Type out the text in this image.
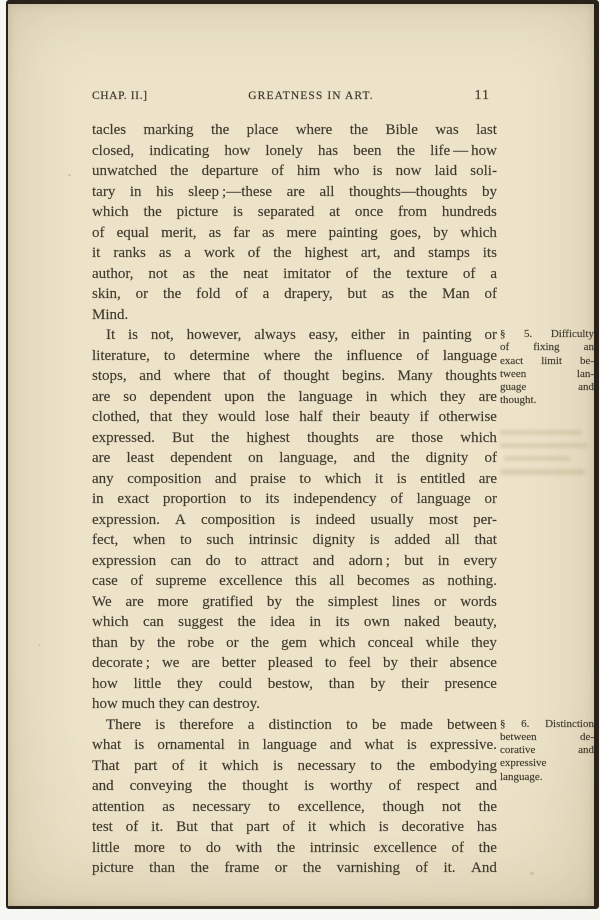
CHAP. II.]	GREATNESS IN ART.	11
tacles marking the place where the Bible was last
closed, indicating how lonely has been the life — how
unwatched the departure of him who is now laid soli-
tary in his sleep ;—these are all thoughts—thoughts by
which the picture is separated at once from hundreds
of equal merit, as far as mere painting goes, by which
it ranks as a work of the highest art, and stamps its
author, not as the neat imitator of the texture of a
skin, or the fold of a drapery, but as the Man of
Mind.
It is not, however, always easy, either in painting or
literature, to determine where the influence of language
stops, and where that of thought begins. Many thoughts
are so dependent upon the language in which they are
clothed, that they would lose half their beauty if otherwise
expressed. But the highest thoughts are those which
are least dependent on language, and the dignity of
any composition and praise to which it is entitled are
in exact proportion to its independency of language or
expression. A composition is indeed usually most per-
fect, when to such intrinsic dignity is added all that
expression can do to attract and adorn ; but in every
case of supreme excellence this all becomes as nothing.
We are more gratified by the simplest lines or words
which can suggest the idea in its own naked beauty,
than by the robe or the gem which conceal while they
decorate ; we are better pleased to feel by their absence
how little they could bestow, than by their presence
how much they can destroy.
There is therefore a distinction to be made between
what is ornamental in language and what is expressive.
That part of it which is necessary to the embodying
and conveying the thought is worthy of respect and
attention as necessary to excellence, though not the
test of it. But that part of it which is decorative has
little more to do with the intrinsic excellence of the
picture than the frame or the varnishing of it. And
§ 5. Difficulty
of fixing an
exact limit be-
tween	lan-
guage	and
thought.
§ 6. Distinction
between	de-
corative	and
expressive
language.
